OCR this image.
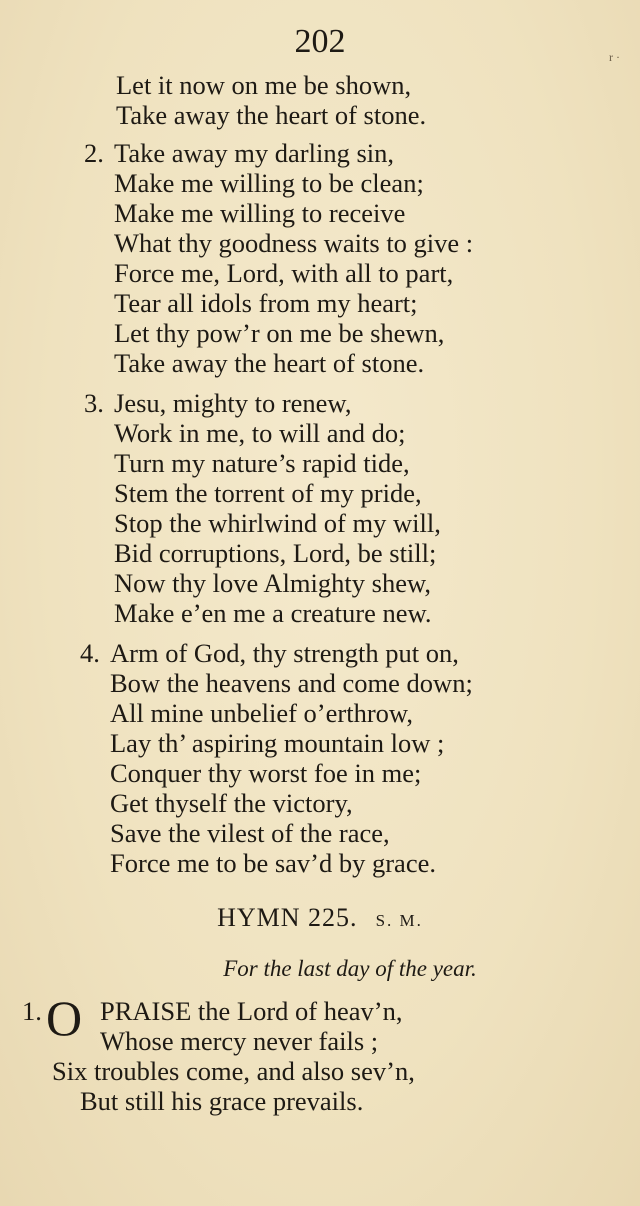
202	r ·
Let it now on me be shown,
Take away the heart of stone.
2. Take away my darling sin,
Make me willing to be clean;
Make me willing to receive
What thy goodness waits to give :
Force me, Lord, with all to part,
Tear all idols from my heart;
Let thy pow’r on me be shewn,
Take away the heart of stone.
3. Jesu, mighty to renew,
Work in me, to will and do;
Turn my nature’s rapid tide,
Stem the torrent of my pride,
Stop the whirlwind of my will,
Bid corruptions, Lord, be still;
Now thy love Almighty shew,
Make e’en me a creature new.
4. Arm of God, thy strength put on,
Bow the heavens and come down;
All mine unbelief o’erthrow,
Lay th’ aspiring mountain low ;
Conquer thy worst foe in me;
Get thyself the victory,
Save the vilest of the race,
Force me to be sav’d by grace.
HYMN 225. S. M.
For the last day of the year.
1. O PRAISE the Lord of heav’n,
Whose mercy never fails ;
Six troubles come, and also sev’n,
But still his grace prevails.
